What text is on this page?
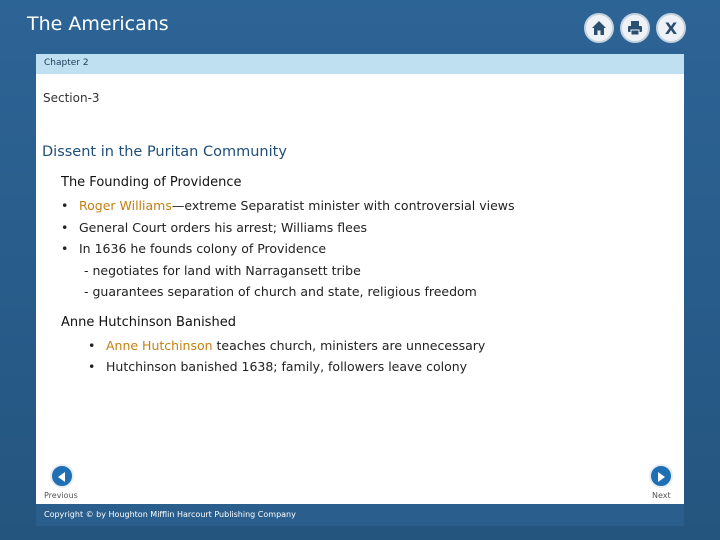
The Americans	X
Chapter 2
Section-3
Dissent in the Puritan Community
The Founding of Providence
• Roger Williams—extreme Separatist minister with controversial views
• General Court orders his arrest; Williams flees
• In 1636 he founds colony of Providence
- negotiates for land with Narragansett tribe
- guarantees separation of church and state, religious freedom
Anne Hutchinson Banished
• Anne Hutchinson teaches church, ministers are unnecessary
• Hutchinson banished 1638; family, followers leave colony
Previous	Next
Copyright © by Houghton Mifflin Harcourt Publishing Company
